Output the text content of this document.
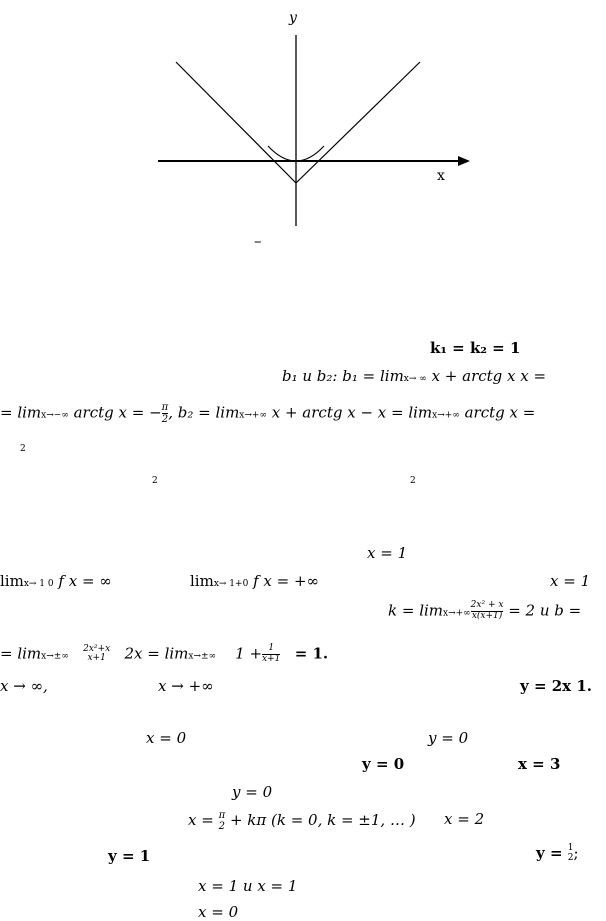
y
x
–
k₁ = k₂ = 1
b₁ и b₂: b₁ = limx→ ∞ x + arctg x x =
= limx→−∞ arctg x = − $\frac{\pi}{2}$ , b₂ = limx→+∞ x + arctg x − x = limx→+∞ arctg x =
2
2	2
x = 1
limx→ 1 0 f x = ∞	limx→ 1+0 f x = +∞	x = 1
$k = \lim x\to+\infty \frac{\text{2x² + x}}{x(x+1)} = 2$ и b =
= limx→±∞
2x²+x
x+1 2x = limx→±∞ $1 + \frac{1}{x+1} = 1$.
x → ∞,	x → +∞	y = 2x 1.
x = 0	y = 0
y = 0	x = 3
y = 0
x = π
2 + kπ (k = 0, k = ±1, … ) x = 2
y = 1	y = 1
2 ;
x = 1 и x = 1
x = 0
